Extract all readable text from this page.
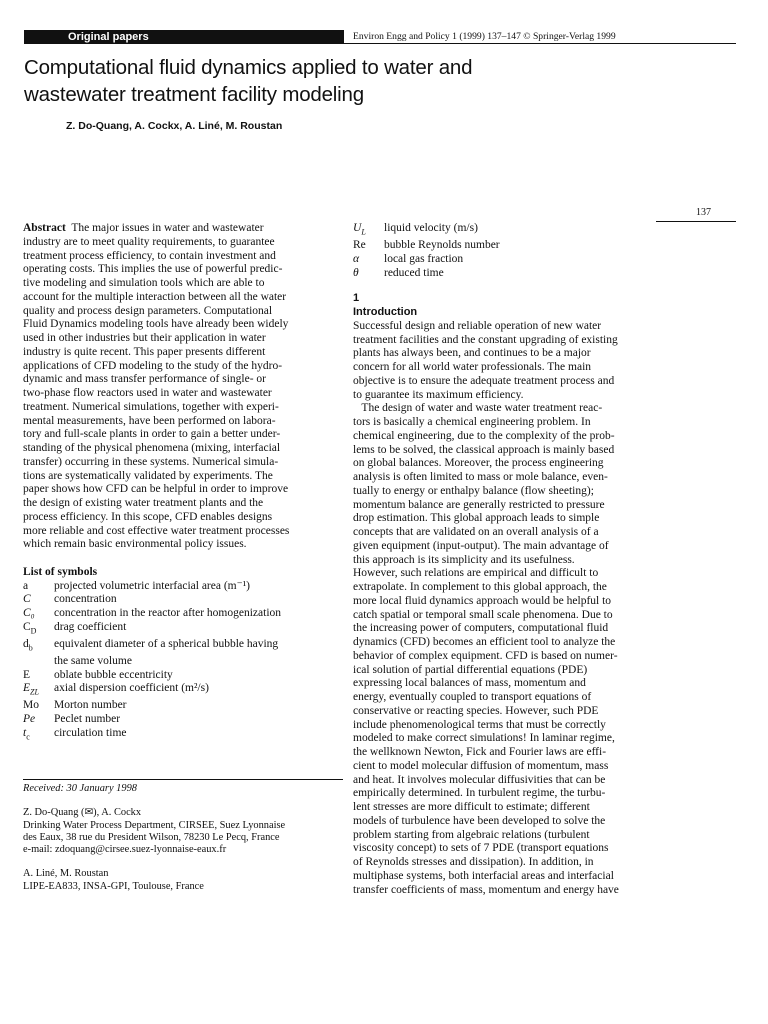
Original papers	Environ Engg and Policy 1 (1999) 137–147 © Springer-Verlag 1999
Computational fluid dynamics applied to water and
wastewater treatment facility modeling
Z. Do-Quang, A. Cockx, A. Liné, M. Roustan
137
Abstract  The major issues in water and wastewater
industry are to meet quality requirements, to guarantee
treatment process efficiency, to contain investment and
operating costs. This implies the use of powerful predic-
tive modeling and simulation tools which are able to
account for the multiple interaction between all the water
quality and process design parameters. Computational
Fluid Dynamics modeling tools have already been widely
used in other industries but their application in water
industry is quite recent. This paper presents different
applications of CFD modeling to the study of the hydro-
dynamic and mass transfer performance of single- or
two-phase flow reactors used in water and wastewater
treatment. Numerical simulations, together with experi-
mental measurements, have been performed on labora-
tory and full-scale plants in order to gain a better under-
standing of the physical phenomena (mixing, interfacial
transfer) occurring in these systems. Numerical simula-
tions are systematically validated by experiments. The
paper shows how CFD can be helpful in order to improve
the design of existing water treatment plants and the
process efficiency. In this scope, CFD enables designs
more reliable and cost effective water treatment processes
which remain basic environmental policy issues.
List of symbols
a	projected volumetric interfacial area (m⁻¹)
C	concentration
C₀	concentration in the reactor after homogenization
$C_D$	drag coefficient
$d_b$	equivalent diameter of a spherical bubble having
the same volume
E	oblate bubble eccentricity
$E_{ZL}$	axial dispersion coefficient (m²/s)
Mo	Morton number
Pe	Peclet number
$t_c$	circulation time
Received: 30 January 1998
Z. Do-Quang (✉), A. Cockx
Drinking Water Process Department, CIRSEE, Suez Lyonnaise
des Eaux, 38 rue du President Wilson, 78230 Le Pecq, France
e-mail: zdoquang@cirsee.suez-lyonnaise-eaux.fr
A. Liné, M. Roustan
LIPE-EA833, INSA-GPI, Toulouse, France
$U_L$	liquid velocity (m/s)
Re	bubble Reynolds number
α	local gas fraction
θ	reduced time
1
Introduction
Successful design and reliable operation of new water
treatment facilities and the constant upgrading of existing
plants has always been, and continues to be a major
concern for all world water professionals. The main
objective is to ensure the adequate treatment process and
to guarantee its maximum efficiency.
The design of water and waste water treatment reac-
tors is basically a chemical engineering problem. In
chemical engineering, due to the complexity of the prob-
lems to be solved, the classical approach is mainly based
on global balances. Moreover, the process engineering
analysis is often limited to mass or mole balance, even-
tually to energy or enthalpy balance (flow sheeting);
momentum balance are generally restricted to pressure
drop estimation. This global approach leads to simple
concepts that are validated on an overall analysis of a
given equipment (input-output). The main advantage of
this approach is its simplicity and its usefulness.
However, such relations are empirical and difficult to
extrapolate. In complement to this global approach, the
more local fluid dynamics approach would be helpful to
catch spatial or temporal small scale phenomena. Due to
the increasing power of computers, computational fluid
dynamics (CFD) becomes an efficient tool to analyze the
behavior of complex equipment. CFD is based on numer-
ical solution of partial differential equations (PDE)
expressing local balances of mass, momentum and
energy, eventually coupled to transport equations of
conservative or reacting species. However, such PDE
include phenomenological terms that must be correctly
modeled to make correct simulations! In laminar regime,
the wellknown Newton, Fick and Fourier laws are effi-
cient to model molecular diffusion of momentum, mass
and heat. It involves molecular diffusivities that can be
empirically determined. In turbulent regime, the turbu-
lent stresses are more difficult to estimate; different
models of turbulence have been developed to solve the
problem starting from algebraic relations (turbulent
viscosity concept) to sets of 7 PDE (transport equations
of Reynolds stresses and dissipation). In addition, in
multiphase systems, both interfacial areas and interfacial
transfer coefficients of mass, momentum and energy have
